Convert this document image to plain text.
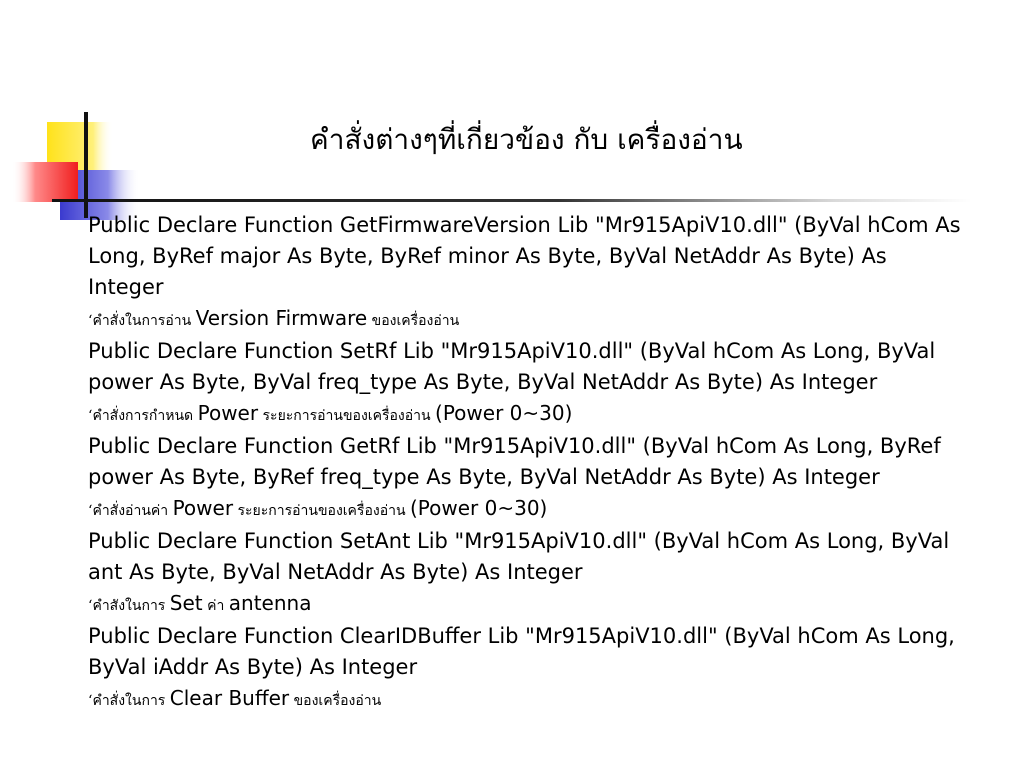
คำสั่งต่างๆที่เกี่ยวข้อง กับ เครื่องอ่าน

Public Declare Function GetFirmwareVersion Lib "Mr915ApiV10.dll" (ByVal hCom As Long, ByRef major As Byte, ByRef minor As Byte, ByVal NetAddr As Byte) As Integer

‘คำสั่งในการอ่าน Version Firmware ของเครื่องอ่าน

Public Declare Function SetRf Lib "Mr915ApiV10.dll" (ByVal hCom As Long, ByVal power As Byte, ByVal freq_type As Byte, ByVal NetAddr As Byte) As Integer

‘คำสั่งการกำหนด Power ระยะการอ่านของเครื่องอ่าน (Power 0~30)

Public Declare Function GetRf Lib "Mr915ApiV10.dll" (ByVal hCom As Long, ByRef power As Byte, ByRef freq_type As Byte, ByVal NetAddr As Byte) As Integer

‘คำสั่งอ่านค่า Power ระยะการอ่านของเครื่องอ่าน (Power 0~30)

Public Declare Function SetAnt Lib "Mr915ApiV10.dll" (ByVal hCom As Long, ByVal ant As Byte, ByVal NetAddr As Byte) As Integer

‘คำสังในการ Set ค่า antenna

Public Declare Function ClearIDBuffer Lib "Mr915ApiV10.dll" (ByVal hCom As Long, ByVal iAddr As Byte) As Integer

‘คำสั่งในการ Clear Buffer ของเครื่องอ่าน
